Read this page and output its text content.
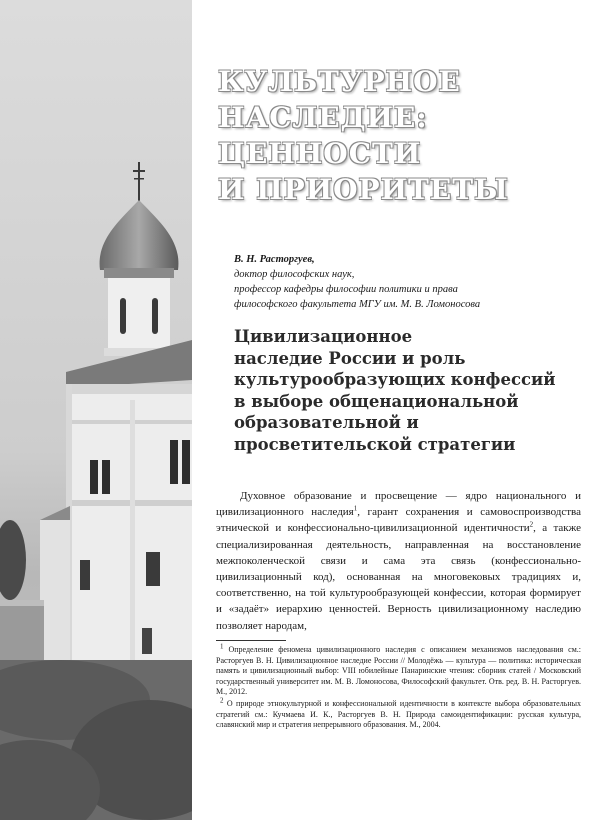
КУЛЬТУРНОЕ
НАСЛЕДИЕ:
ЦЕННОСТИ
И ПРИОРИТЕТЫ
В. Н. Расторгуев,
доктор философских наук,
профессор кафедры философии политики и права
философского факультета МГУ им. М. В. Ломоносова
Цивилизационное
наследие России и роль
культурообразующих конфессий
в выборе общенациональной
образовательной и
просветительской стратегии

Духовное образование и просвещение — ядро национального и цивилизационного наследия$^1$, гарант сохранения и самовоспроизводства этнической и конфессионально-цивилизационной идентичности$^2$, а также специализированная деятельность, направленная на восстановление межпоколенческой связи и сама эта связь (конфессионально-цивилизационный код), основанная на многовековых традициях и, соответственно, на той культурообразующей конфессии, которая формирует и «задаёт» иерархию ценностей. Верность цивилизационному наследию позволяет народам,

$^1$ Определение феномена цивилизационного наследия с описанием механизмов наследования см.: Расторгуев В. Н. Цивилизационное наследие России // Молодёжь — культура — политика: историческая память и цивилизационный выбор: VIII юбилейные Панаринские чтения: сборник статей / Московский государственный университет им. М. В. Ломоносова, Философский факультет. Отв. ред. В. Н. Расторгуев. М., 2012.

$^2$ О природе этнокультурной и конфессиональной идентичности в контексте выбора образовательных стратегий см.: Кучмаева И. К., Расторгуев В. Н. Природа самоидентификации: русская культура, славянский мир и стратегия непрерывного образования. М., 2004.
